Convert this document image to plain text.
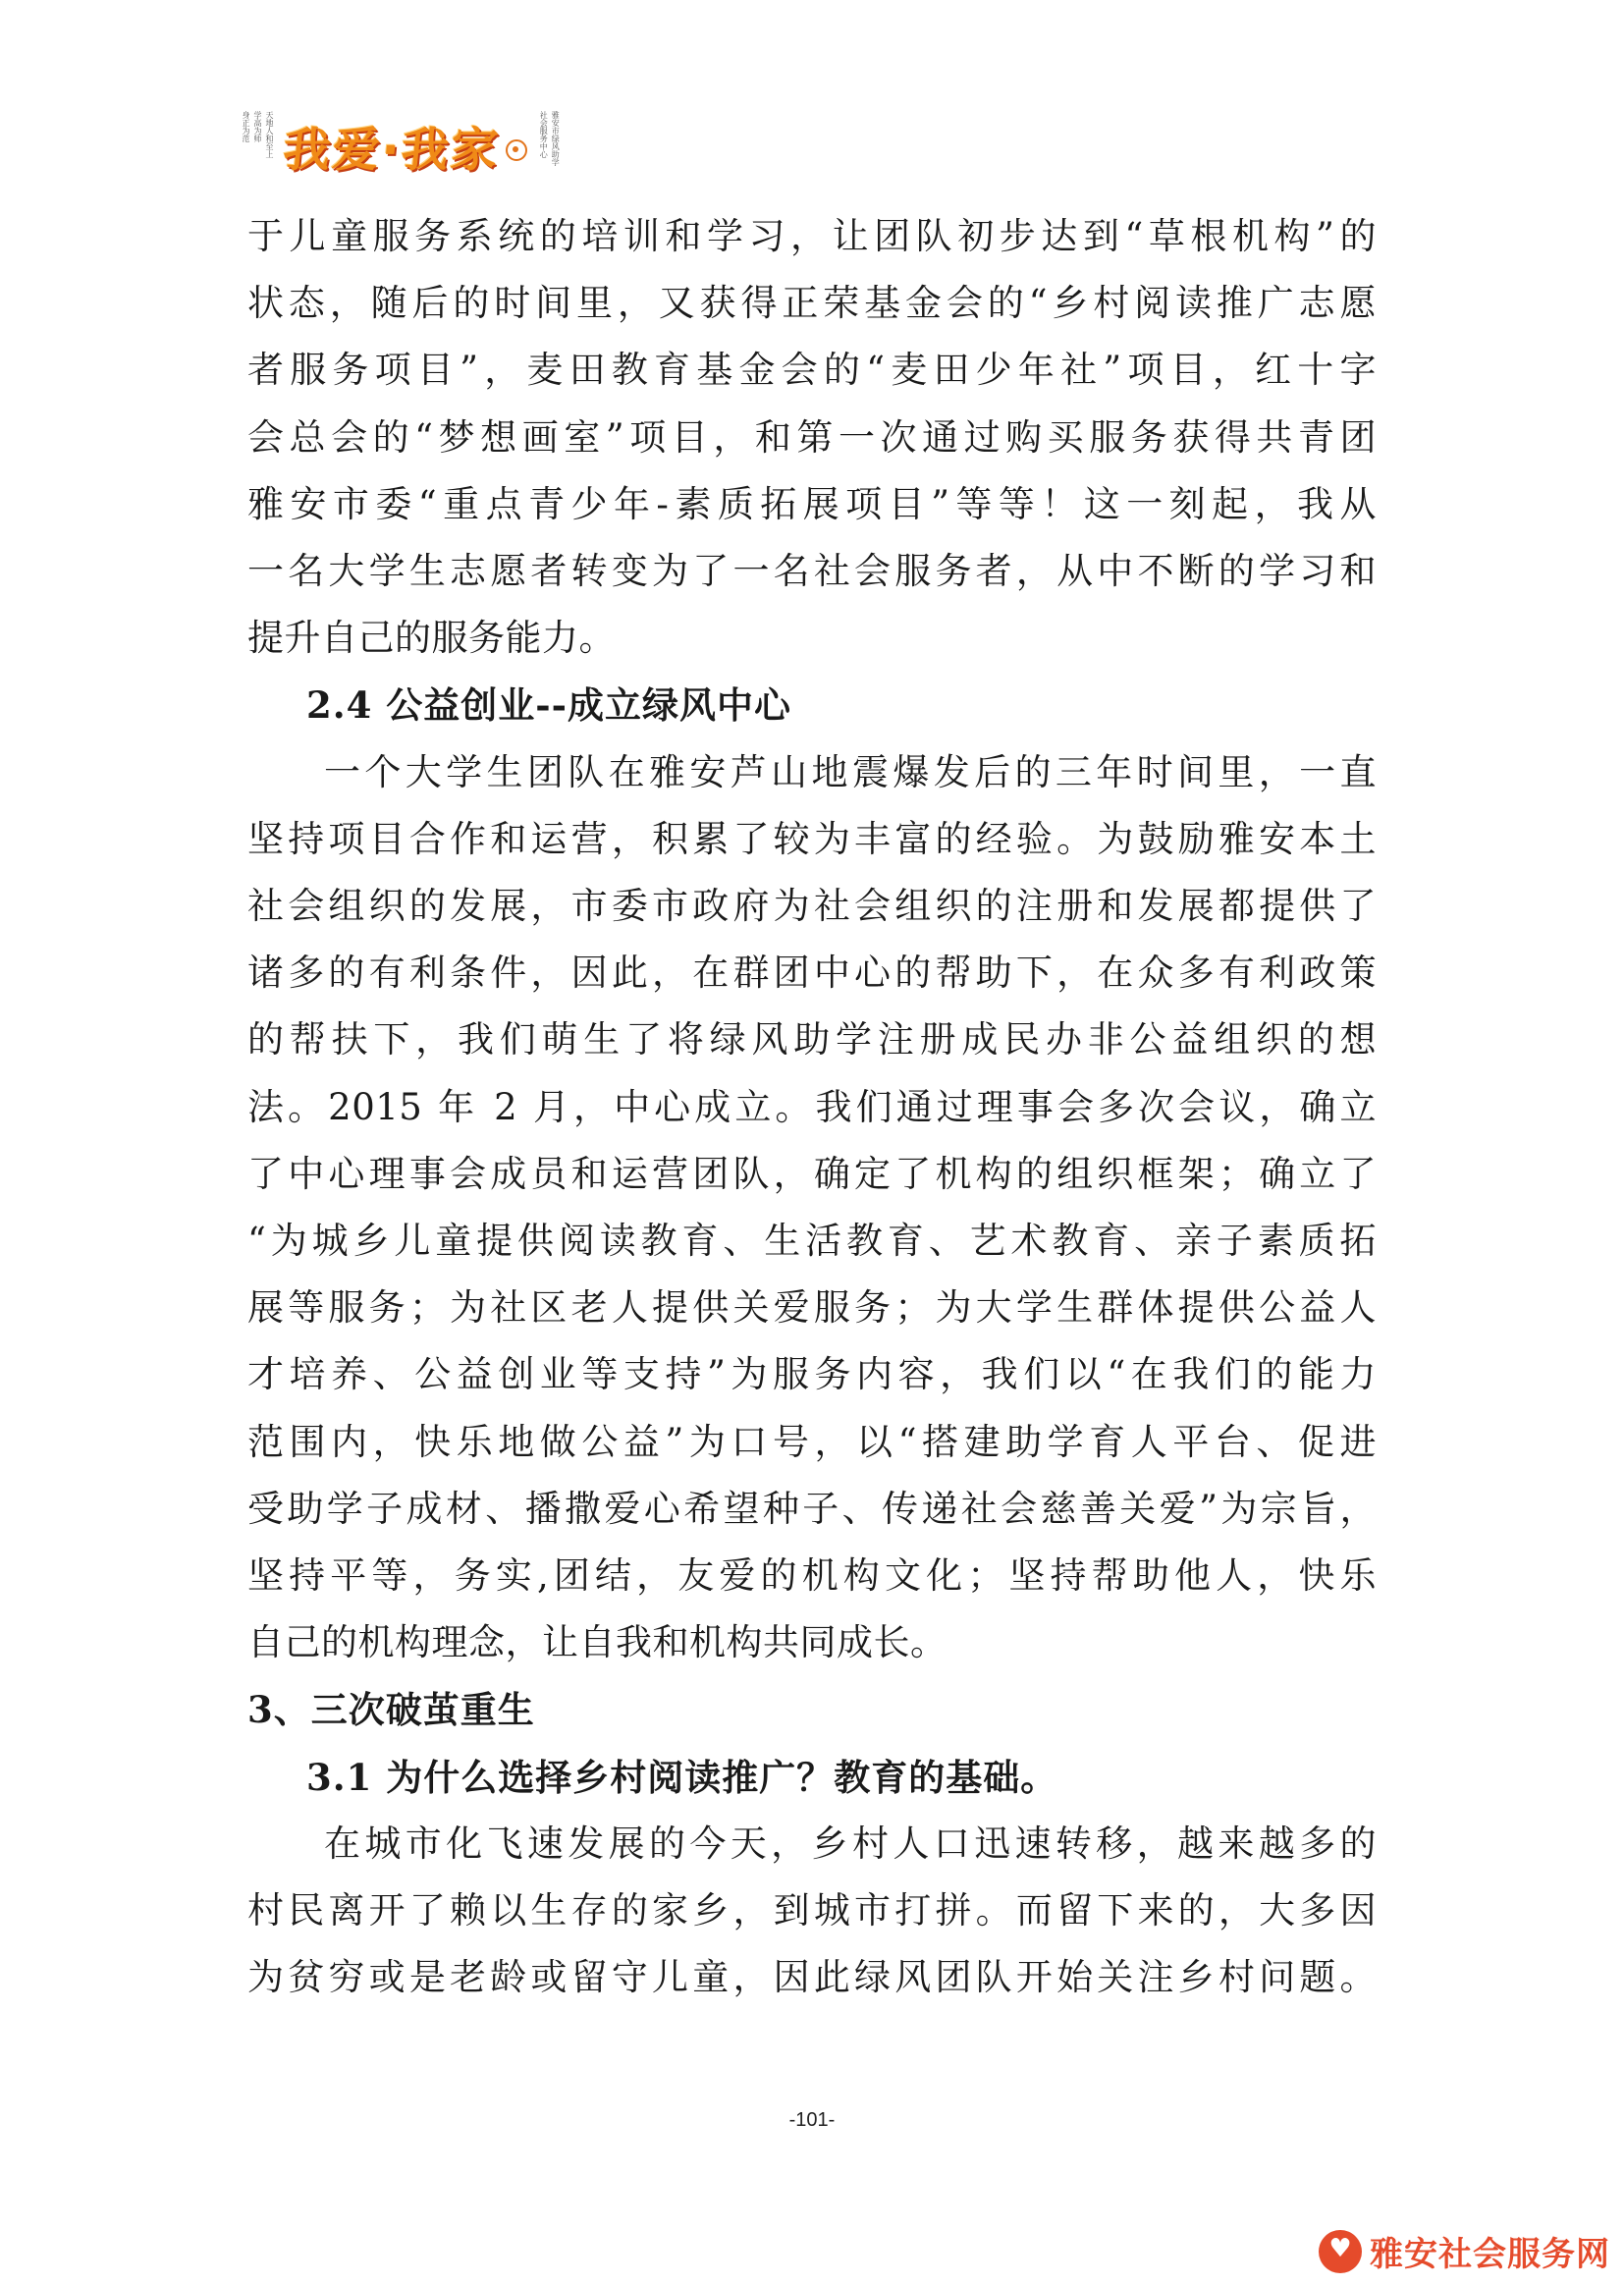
天地人和至上
学高为师
身正为范 我爱·我家	雅安市绿风助学
社会服务中心
于儿童服务系统的培训和学习，让团队初步达到“草根机构”的
状态，随后的时间里，又获得正荣基金会的“乡村阅读推广志愿
者服务项目”，麦田教育基金会的“麦田少年社”项目，红十字
会总会的“梦想画室”项目，和第一次通过购买服务获得共青团
雅安市委“重点青少年-素质拓展项目”等等！这一刻起，我从
一名大学生志愿者转变为了一名社会服务者，从中不断的学习和
提升自己的服务能力。
2.4 公益创业--成立绿风中心
一个大学生团队在雅安芦山地震爆发后的三年时间里，一直
坚持项目合作和运营，积累了较为丰富的经验。为鼓励雅安本土
社会组织的发展，市委市政府为社会组织的注册和发展都提供了
诸多的有利条件，因此，在群团中心的帮助下，在众多有利政策
的帮扶下，我们萌生了将绿风助学注册成民办非公益组织的想
法。2015 年 2 月，中心成立。我们通过理事会多次会议，确立
了中心理事会成员和运营团队，确定了机构的组织框架；确立了
“为城乡儿童提供阅读教育、生活教育、艺术教育、亲子素质拓
展等服务；为社区老人提供关爱服务；为大学生群体提供公益人
才培养、公益创业等支持”为服务内容，我们以“在我们的能力
范围内，快乐地做公益”为口号，以“搭建助学育人平台、促进
受助学子成材、播撒爱心希望种子、传递社会慈善关爱”为宗旨，
坚持平等，务实,团结，友爱的机构文化；坚持帮助他人，快乐
自己的机构理念，让自我和机构共同成长。
3、三次破茧重生
3.1 为什么选择乡村阅读推广？教育的基础。
在城市化飞速发展的今天，乡村人口迅速转移，越来越多的
村民离开了赖以生存的家乡，到城市打拼。而留下来的，大多因
为贫穷或是老龄或留守儿童，因此绿风团队开始关注乡村问题。
-101-
♥
雅安社会服务网
